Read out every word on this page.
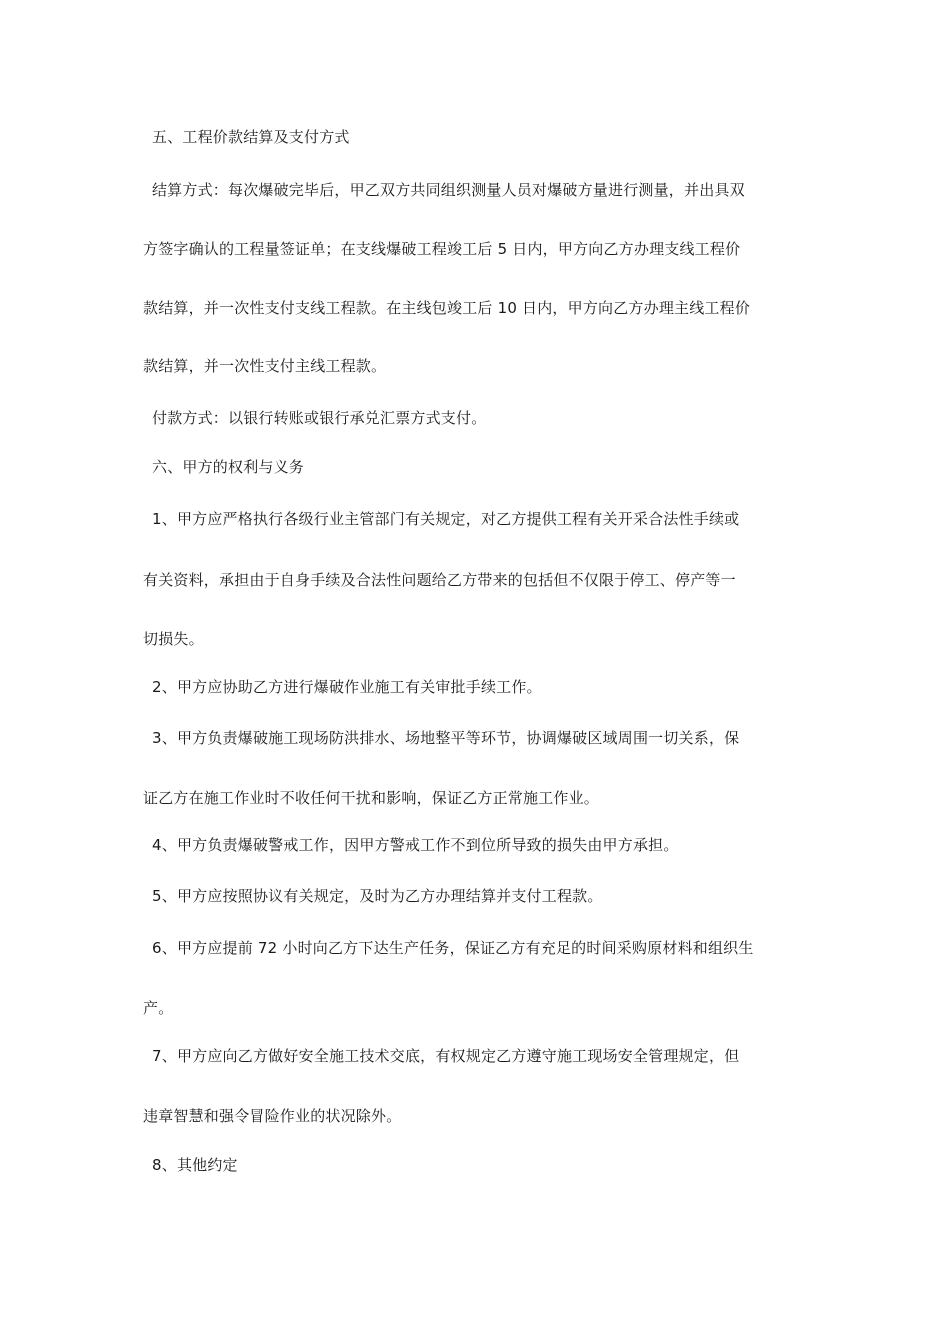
五、工程价款结算及支付方式
结算方式：每次爆破完毕后，甲乙双方共同组织测量人员对爆破方量进行测量，并出具双
方签字确认的工程量签证单；在支线爆破工程竣工后 5 日内，甲方向乙方办理支线工程价
款结算，并一次性支付支线工程款。在主线包竣工后 10 日内，甲方向乙方办理主线工程价
款结算，并一次性支付主线工程款。
付款方式：以银行转账或银行承兑汇票方式支付。
六、甲方的权利与义务
1、甲方应严格执行各级行业主管部门有关规定，对乙方提供工程有关开采合法性手续或
有关资料，承担由于自身手续及合法性问题给乙方带来的包括但不仅限于停工、停产等一
切损失。
2、甲方应协助乙方进行爆破作业施工有关审批手续工作。
3、甲方负责爆破施工现场防洪排水、场地整平等环节，协调爆破区域周围一切关系，保
证乙方在施工作业时不收任何干扰和影响，保证乙方正常施工作业。
4、甲方负责爆破警戒工作，因甲方警戒工作不到位所导致的损失由甲方承担。
5、甲方应按照协议有关规定，及时为乙方办理结算并支付工程款。
6、甲方应提前 72 小时向乙方下达生产任务，保证乙方有充足的时间采购原材料和组织生
产。
7、甲方应向乙方做好安全施工技术交底，有权规定乙方遵守施工现场安全管理规定，但
违章智慧和强令冒险作业的状况除外。
8、其他约定
